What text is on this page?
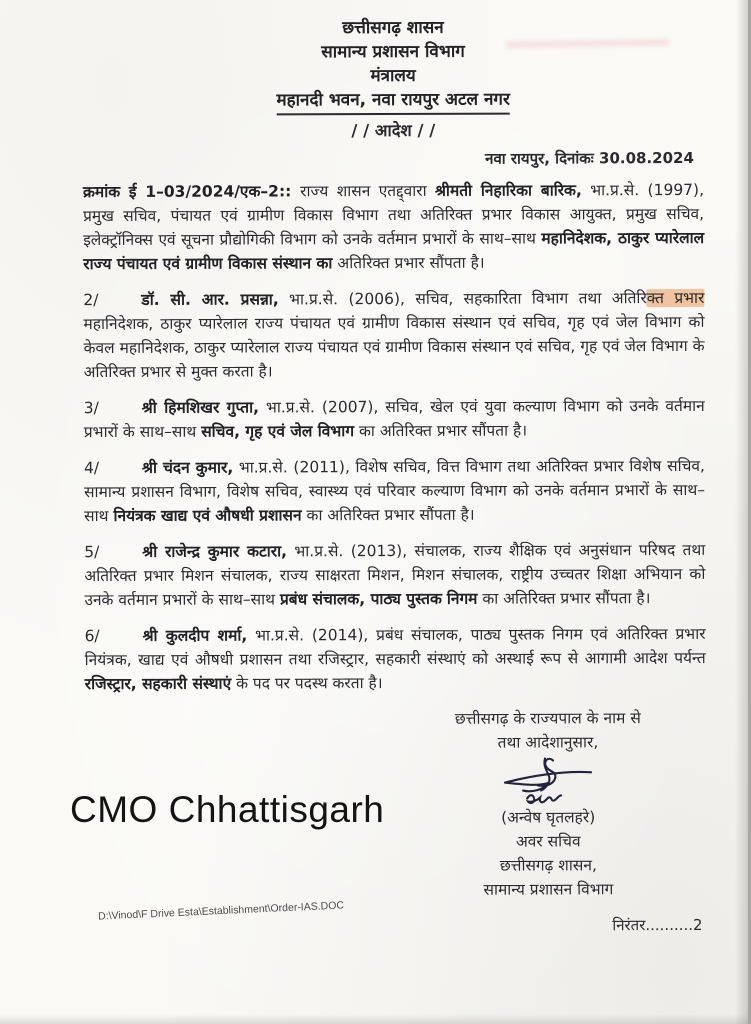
छत्तीसगढ़ शासन
सामान्य प्रशासन विभाग
मंत्रालय
महानदी भवन, नवा रायपुर अटल नगर
/ / आदेश / /
नवा रायपुर, दिनांकः 30.08.2024

क्रमांक ई 1–03/2024/एक–2:: राज्य शासन एतद्द्वारा श्रीमती निहारिका बारिक, भा.प्र.से. (1997), प्रमुख सचिव, पंचायत एवं ग्रामीण विकास विभाग तथा अतिरिक्त प्रभार विकास आयुक्त, प्रमुख सचिव, इलेक्ट्रॉनिक्स एवं सूचना प्रौद्योगिकी विभाग को उनके वर्तमान प्रभारों के साथ–साथ महानिदेशक, ठाकुर प्यारेलाल राज्य पंचायत एवं ग्रामीण विकास संस्थान का अतिरिक्त प्रभार सौंपता है।

2/	डॉ. सी. आर. प्रसन्ना, भा.प्र.से. (2006), सचिव, सहकारिता विभाग तथा अतिरिक्त प्रभार महानिदेशक, ठाकुर प्यारेलाल राज्य पंचायत एवं ग्रामीण विकास संस्थान एवं सचिव, गृह एवं जेल विभाग को केवल महानिदेशक, ठाकुर प्यारेलाल राज्य पंचायत एवं ग्रामीण विकास संस्थान एवं सचिव, गृह एवं जेल विभाग के अतिरिक्त प्रभार से मुक्त करता है।

3/	श्री हिमशिखर गुप्ता, भा.प्र.से. (2007), सचिव, खेल एवं युवा कल्याण विभाग को उनके वर्तमान प्रभारों के साथ–साथ सचिव, गृह एवं जेल विभाग का अतिरिक्त प्रभार सौंपता है।

4/	श्री चंदन कुमार, भा.प्र.से. (2011), विशेष सचिव, वित्त विभाग तथा अतिरिक्त प्रभार विशेष सचिव, सामान्य प्रशासन विभाग, विशेष सचिव, स्वास्थ्य एवं परिवार कल्याण विभाग को उनके वर्तमान प्रभारों के साथ–साथ नियंत्रक खाद्य एवं औषधी प्रशासन का अतिरिक्त प्रभार सौंपता है।

5/	श्री राजेन्द्र कुमार कटारा, भा.प्र.से. (2013), संचालक, राज्य शैक्षिक एवं अनुसंधान परिषद तथा अतिरिक्त प्रभार मिशन संचालक, राज्य साक्षरता मिशन, मिशन संचालक, राष्ट्रीय उच्चतर शिक्षा अभियान को उनके वर्तमान प्रभारों के साथ–साथ प्रबंध संचालक, पाठ्य पुस्तक निगम का अतिरिक्त प्रभार सौंपता है।

6/	श्री कुलदीप शर्मा, भा.प्र.से. (2014), प्रबंध संचालक, पाठ्य पुस्तक निगम एवं अतिरिक्त प्रभार नियंत्रक, खाद्य एवं औषधी प्रशासन तथा रजिस्ट्रार, सहकारी संस्थाएं को अस्थाई रूप से आगामी आदेश पर्यन्त रजिस्ट्रार, सहकारी संस्थाएं के पद पर पदस्थ करता है।

छत्तीसगढ़ के राज्यपाल के नाम से
तथा आदेशानुसार,
(अन्वेष घृतलहरे)
अवर सचिव
छत्तीसगढ़ शासन,
सामान्य प्रशासन विभाग
निरंतर..........2
CMO Chhattisgarh
D:\Vinod\F Drive Esta\Establishment\Order-IAS.DOC
